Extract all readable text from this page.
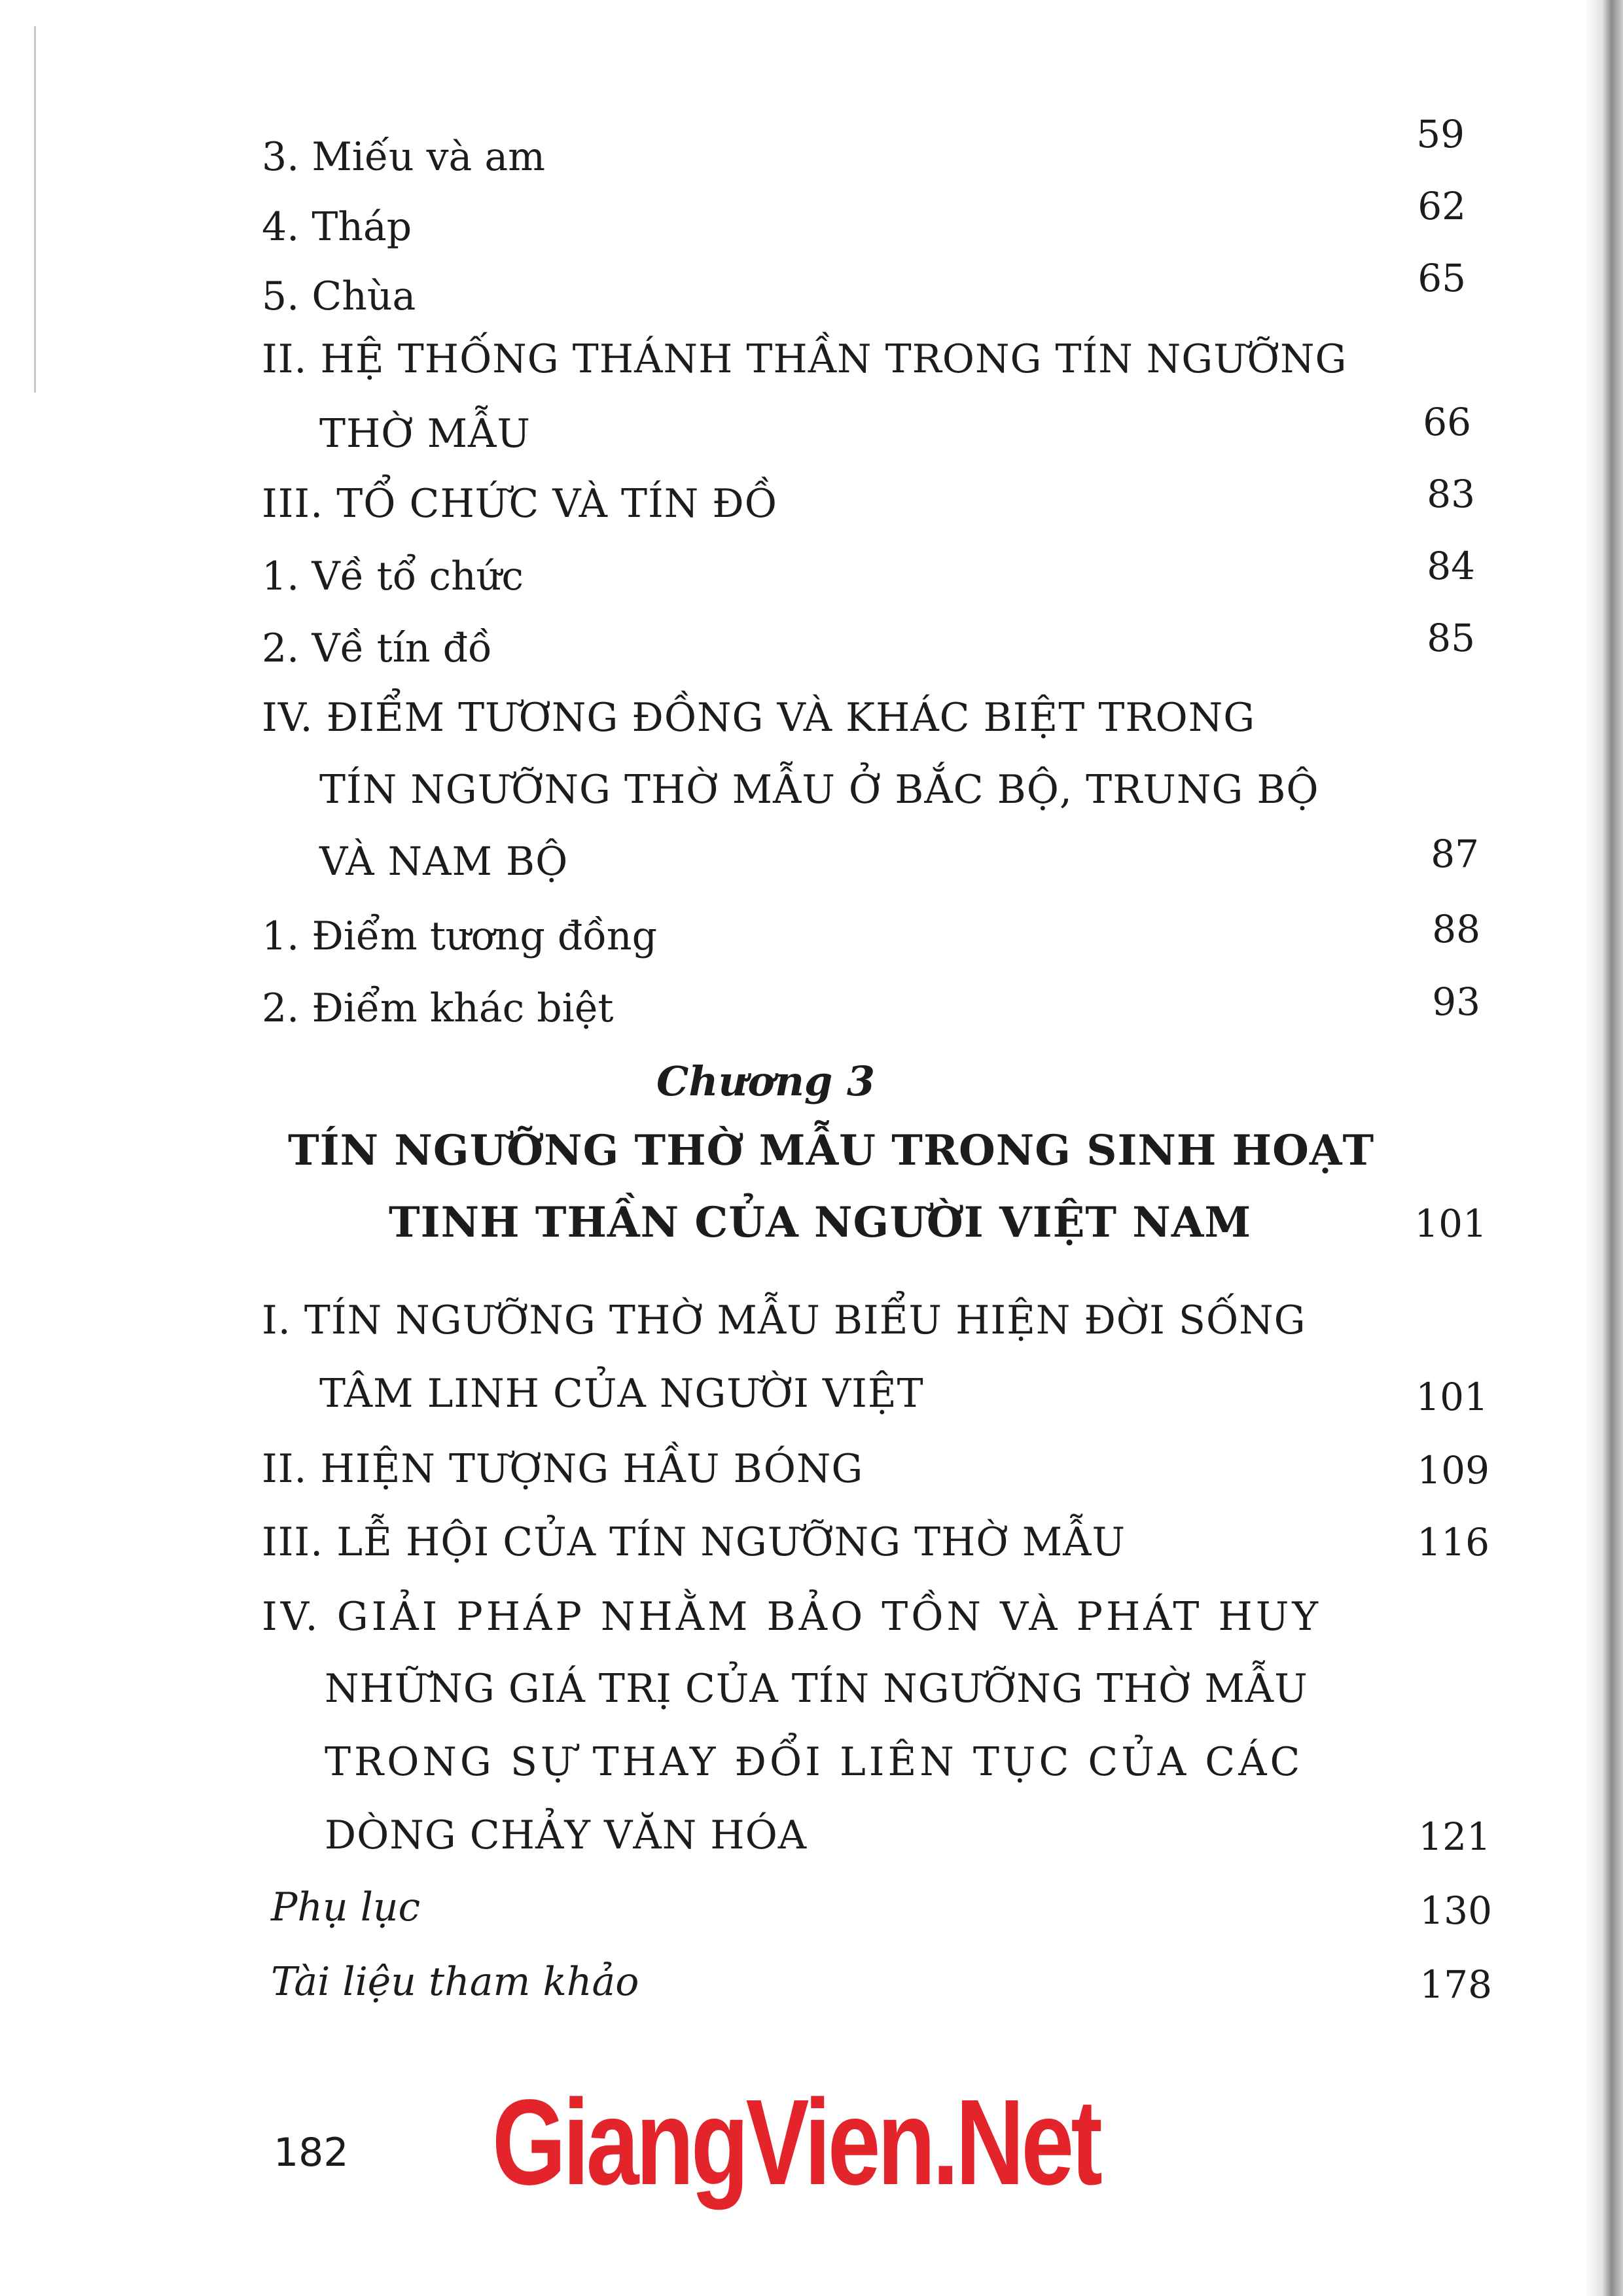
3. Miếu và am	59
4. Tháp	62
5. Chùa	65
II. HỆ THỐNG THÁNH THẦN TRONG TÍN NGƯỠNG
THỜ MẪU	66
III. TỔ CHỨC VÀ TÍN ĐỒ	83
1. Về tổ chức	84
2. Về tín đồ	85
IV. ĐIỂM TƯƠNG ĐỒNG VÀ KHÁC BIỆT TRONG
TÍN NGƯỠNG THỜ MẪU Ở BẮC BỘ, TRUNG BỘ
VÀ NAM BỘ	87
1. Điểm tương đồng	88
2. Điểm khác biệt	93
Chương 3
TÍN NGƯỠNG THỜ MẪU TRONG SINH HOẠT
TINH THẦN CỦA NGƯỜI VIỆT NAM	101
I. TÍN NGƯỠNG THỜ MẪU BIỂU HIỆN ĐỜI SỐNG
TÂM LINH CỦA NGƯỜI VIỆT	101
II. HIỆN TƯỢNG HẦU BÓNG	109
III. LỄ HỘI CỦA TÍN NGƯỠNG THỜ MẪU	116
IV. GIẢI PHÁP NHẰM BẢO TỒN VÀ PHÁT HUY
NHỮNG GIÁ TRỊ CỦA TÍN NGƯỠNG THỜ MẪU
TRONG SỰ THAY ĐỔI LIÊN TỤC CỦA CÁC
DÒNG CHẢY VĂN HÓA	121
Phụ lục	130
Tài liệu tham khảo	178
182 GiangVien.Net
